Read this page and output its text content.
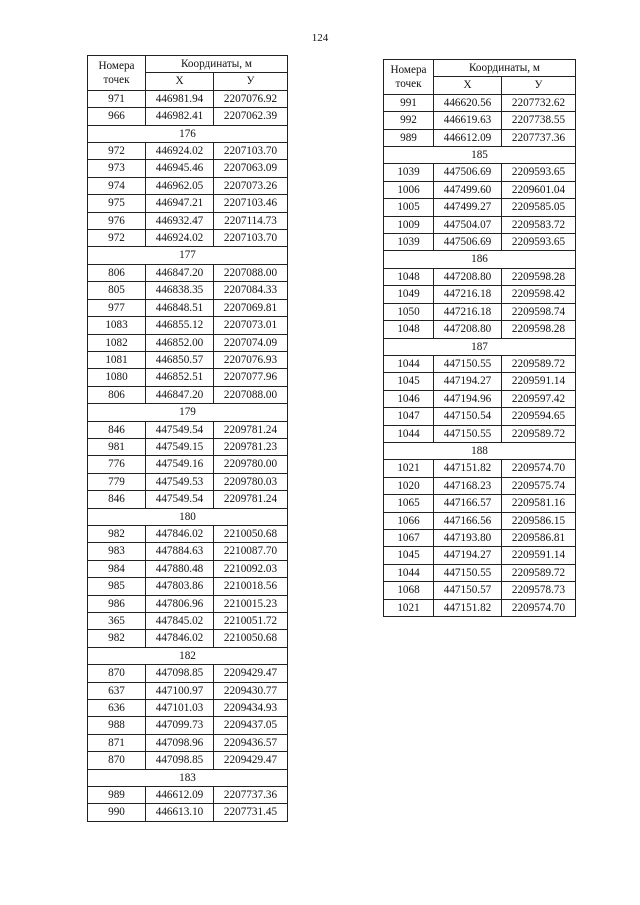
124
Номера
точек	Координаты, м	
	X	У
971	446981.94	2207076.92
966	446982.41	2207062.39
176		
972	446924.02	2207103.70
973	446945.46	2207063.09
974	446962.05	2207073.26
975	446947.21	2207103.46
976	446932.47	2207114.73
972	446924.02	2207103.70
177		
806	446847.20	2207088.00
805	446838.35	2207084.33
977	446848.51	2207069.81
1083	446855.12	2207073.01
1082	446852.00	2207074.09
1081	446850.57	2207076.93
1080	446852.51	2207077.96
806	446847.20	2207088.00
179		
846	447549.54	2209781.24
981	447549.15	2209781.23
776	447549.16	2209780.00
779	447549.53	2209780.03
846	447549.54	2209781.24
180		
982	447846.02	2210050.68
983	447884.63	2210087.70
984	447880.48	2210092.03
985	447803.86	2210018.56
986	447806.96	2210015.23
365	447845.02	2210051.72
982	447846.02	2210050.68
182		
870	447098.85	2209429.47
637	447100.97	2209430.77
636	447101.03	2209434.93
988	447099.73	2209437.05
871	447098.96	2209436.57
870	447098.85	2209429.47
183		
989	446612.09	2207737.36
990	446613.10	2207731.45
Номера
точек	Координаты, м	
	X	У
991	446620.56	2207732.62
992	446619.63	2207738.55
989	446612.09	2207737.36
185		
1039	447506.69	2209593.65
1006	447499.60	2209601.04
1005	447499.27	2209585.05
1009	447504.07	2209583.72
1039	447506.69	2209593.65
186		
1048	447208.80	2209598.28
1049	447216.18	2209598.42
1050	447216.18	2209598.74
1048	447208.80	2209598.28
187		
1044	447150.55	2209589.72
1045	447194.27	2209591.14
1046	447194.96	2209597.42
1047	447150.54	2209594.65
1044	447150.55	2209589.72
188		
1021	447151.82	2209574.70
1020	447168.23	2209575.74
1065	447166.57	2209581.16
1066	447166.56	2209586.15
1067	447193.80	2209586.81
1045	447194.27	2209591.14
1044	447150.55	2209589.72
1068	447150.57	2209578.73
1021	447151.82	2209574.70
